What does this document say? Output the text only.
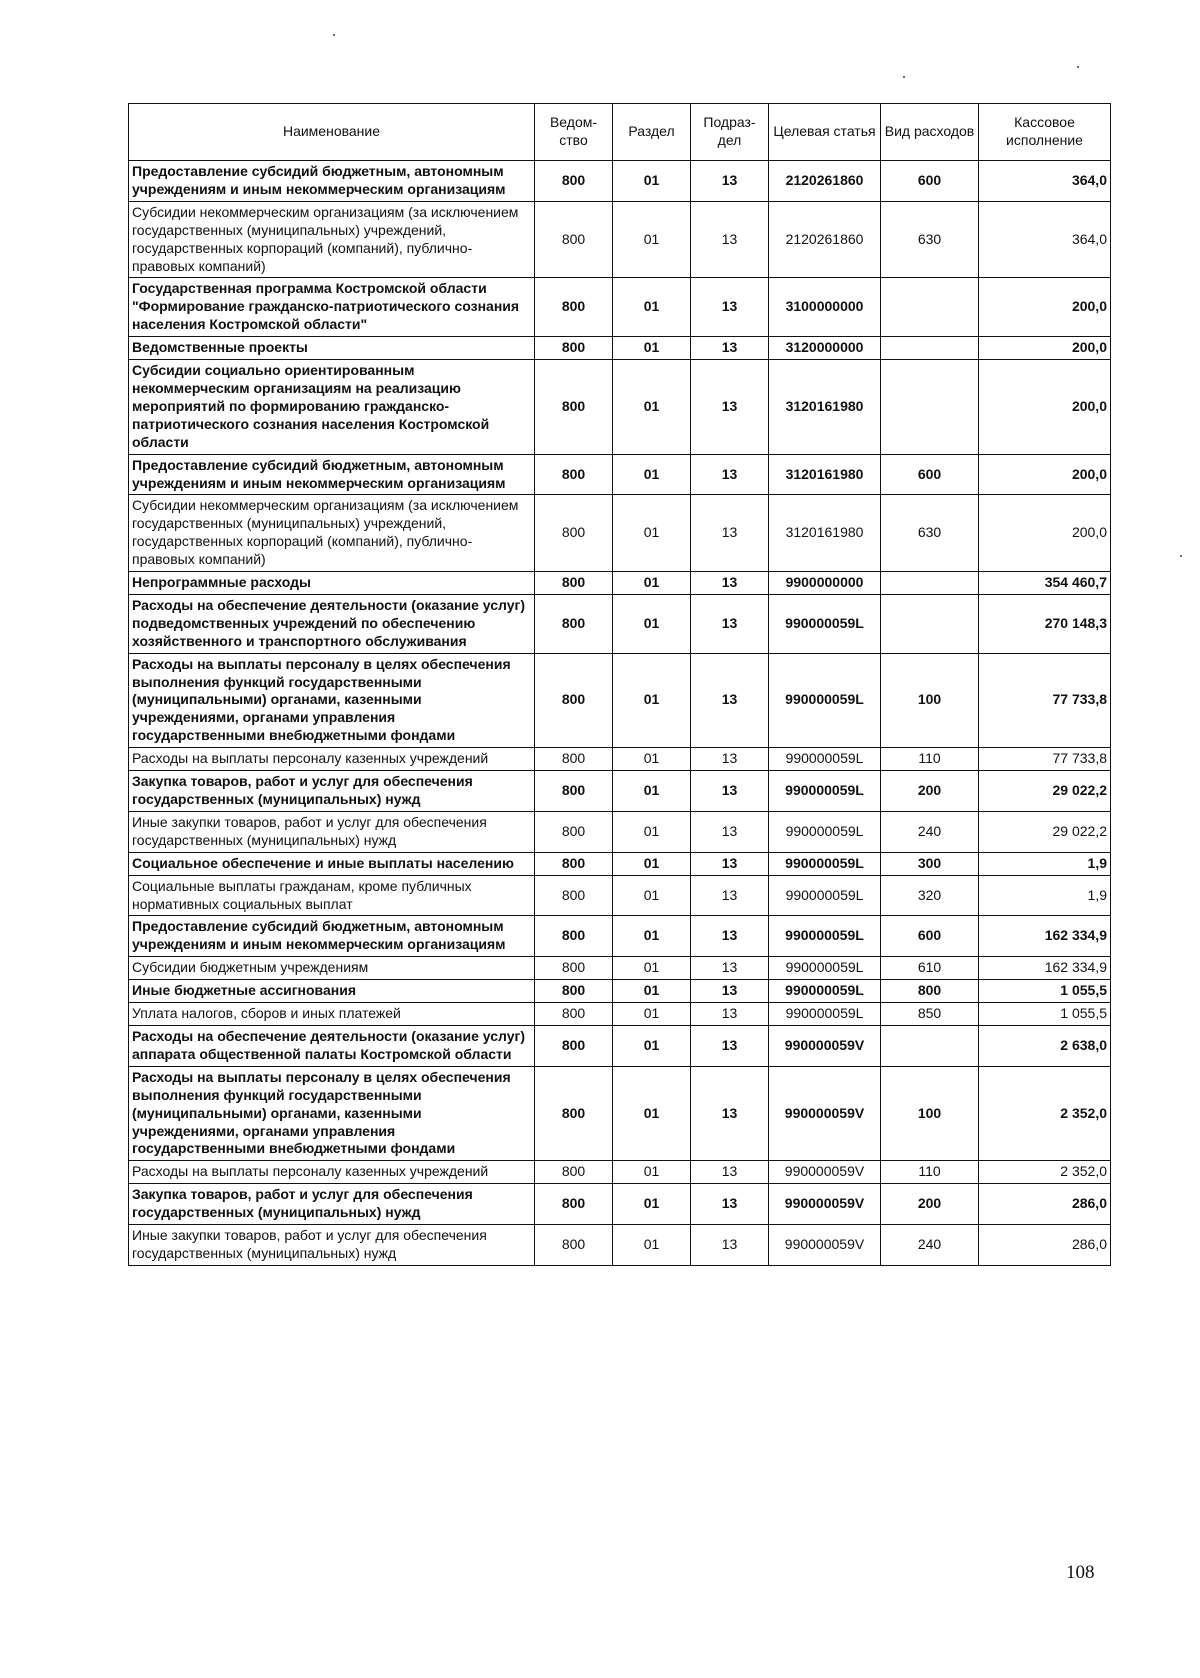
Наименование	Ведом-ство	Раздел	Подраз-дел	Целевая статья	Вид расходов	Кассовое исполнение
Предоставление субсидий бюджетным, автономным учреждениям и иным некоммерческим организациям	800	01	13	2120261860	600	364,0
Субсидии некоммерческим организациям (за исключением государственных (муниципальных) учреждений, государственных корпораций (компаний), публично-правовых компаний)	800	01	13	2120261860	630	364,0
Государственная программа Костромской области "Формирование гражданско-патриотического сознания населения Костромской области"	800	01	13	3100000000		200,0
Ведомственные проекты	800	01	13	3120000000		200,0
Субсидии социально ориентированным некоммерческим организациям на реализацию мероприятий по формированию гражданско-патриотического сознания населения Костромской области	800	01	13	3120161980		200,0
Предоставление субсидий бюджетным, автономным учреждениям и иным некоммерческим организациям	800	01	13	3120161980	600	200,0
Субсидии некоммерческим организациям (за исключением государственных (муниципальных) учреждений, государственных корпораций (компаний), публично-правовых компаний)	800	01	13	3120161980	630	200,0
Непрограммные расходы	800	01	13	9900000000		354 460,7
Расходы на обеспечение деятельности (оказание услуг) подведомственных учреждений по обеспечению хозяйственного и транспортного обслуживания	800	01	13	990000059L		270 148,3
Расходы на выплаты персоналу в целях обеспечения выполнения функций государственными (муниципальными) органами, казенными учреждениями, органами управления государственными внебюджетными фондами	800	01	13	990000059L	100	77 733,8
Расходы на выплаты персоналу казенных учреждений	800	01	13	990000059L	110	77 733,8
Закупка товаров, работ и услуг для обеспечения государственных (муниципальных) нужд	800	01	13	990000059L	200	29 022,2
Иные закупки товаров, работ и услуг для обеспечения государственных (муниципальных) нужд	800	01	13	990000059L	240	29 022,2
Социальное обеспечение и иные выплаты населению	800	01	13	990000059L	300	1,9
Социальные выплаты гражданам, кроме публичных нормативных социальных выплат	800	01	13	990000059L	320	1,9
Предоставление субсидий бюджетным, автономным учреждениям и иным некоммерческим организациям	800	01	13	990000059L	600	162 334,9
Субсидии бюджетным учреждениям	800	01	13	990000059L	610	162 334,9
Иные бюджетные ассигнования	800	01	13	990000059L	800	1 055,5
Уплата налогов, сборов и иных платежей	800	01	13	990000059L	850	1 055,5
Расходы на обеспечение деятельности (оказание услуг) аппарата общественной палаты Костромской области	800	01	13	990000059V		2 638,0
Расходы на выплаты персоналу в целях обеспечения выполнения функций государственными (муниципальными) органами, казенными учреждениями, органами управления государственными внебюджетными фондами	800	01	13	990000059V	100	2 352,0
Расходы на выплаты персоналу казенных учреждений	800	01	13	990000059V	110	2 352,0
Закупка товаров, работ и услуг для обеспечения государственных (муниципальных) нужд	800	01	13	990000059V	200	286,0
Иные закупки товаров, работ и услуг для обеспечения государственных (муниципальных) нужд	800	01	13	990000059V	240	286,0
108
